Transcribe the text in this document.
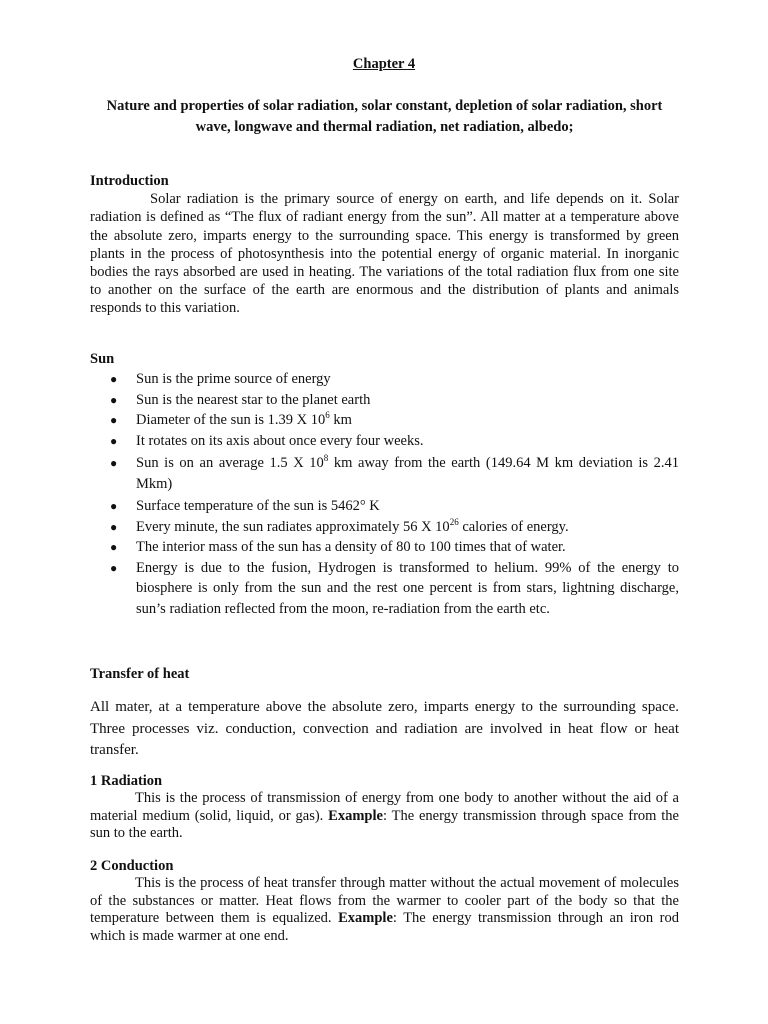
Chapter 4
Nature and properties of solar radiation, solar constant, depletion of solar radiation, short
wave, longwave and thermal radiation, net radiation, albedo;
Introduction

Solar radiation is the primary source of energy on earth, and life depends on it. Solar radiation is defined as “The flux of radiant energy from the sun”. All matter at a temperature above the absolute zero, imparts energy to the surrounding space. This energy is transformed by green plants in the process of photosynthesis into the potential energy of organic material. In inorganic bodies the rays absorbed are used in heating. The variations of the total radiation flux from one site to another on the surface of the earth are enormous and the distribution of plants and animals responds to this variation.

Sun
● Sun is the prime source of energy
● Sun is the nearest star to the planet earth
● Diameter of the sun is 1.39 X $10^6$ km
● It rotates on its axis about once every four weeks.
● Sun is on an average 1.5 X $10^8$ km away from the earth (149.64 M km deviation is 2.41 Mkm)
● Surface temperature of the sun is 5462° K
● Every minute, the sun radiates approximately 56 X $10^{26}$ calories of energy.
● The interior mass of the sun has a density of 80 to 100 times that of water.
● Energy is due to the fusion, Hydrogen is transformed to helium. 99% of the energy to biosphere is only from the sun and the rest one percent is from stars, lightning discharge, sun’s radiation reflected from the moon, re-radiation from the earth etc.
Transfer of heat

All mater, at a temperature above the absolute zero, imparts energy to the surrounding space. Three processes viz. conduction, convection and radiation are involved in heat flow or heat transfer.

1 Radiation

This is the process of transmission of energy from one body to another without the aid of a material medium (solid, liquid, or gas). Example: The energy transmission through space from the sun to the earth.

2 Conduction

This is the process of heat transfer through matter without the actual movement of molecules of the substances or matter. Heat flows from the warmer to cooler part of the body so that the temperature between them is equalized. Example: The energy transmission through an iron rod which is made warmer at one end.
